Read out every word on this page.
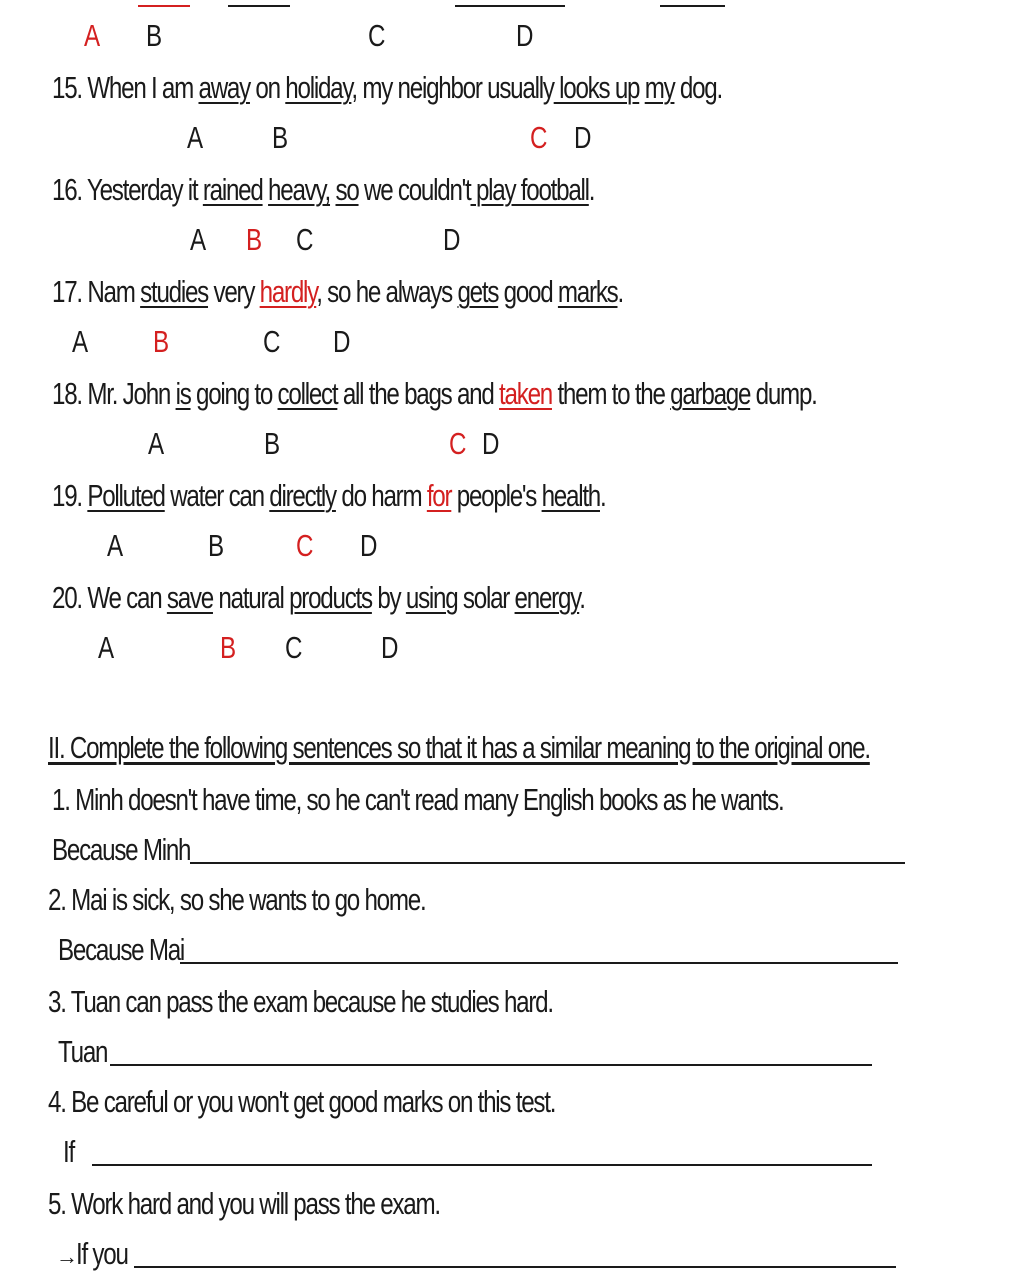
A B	C	D
15. When I am away on holiday, my neighbor usually looks up my dog.
A B	C D
16. Yesterday it rained heavy, so we couldn't play football.
A B C	D
17. Nam studies very hardly, so he always gets good marks.
A B	C D
18. Mr. John is going to collect all the bags and taken them to the garbage dump.
A	B	C D
19. Polluted water can directly do harm for people's health.
A	B C D
20. We can save natural products by using solar energy.
A	B C	D
II. Complete the following sentences so that it has a similar meaning to the original one.
1. Minh doesn't have time, so he can't read many English books as he wants.
Because Minh
2. Mai is sick, so she wants to go home.
Because Mai
3. Tuan can pass the exam because he studies hard.
Tuan
4. Be careful or you won't get good marks on this test.
If
5. Work hard and you will pass the exam.
→
If you
